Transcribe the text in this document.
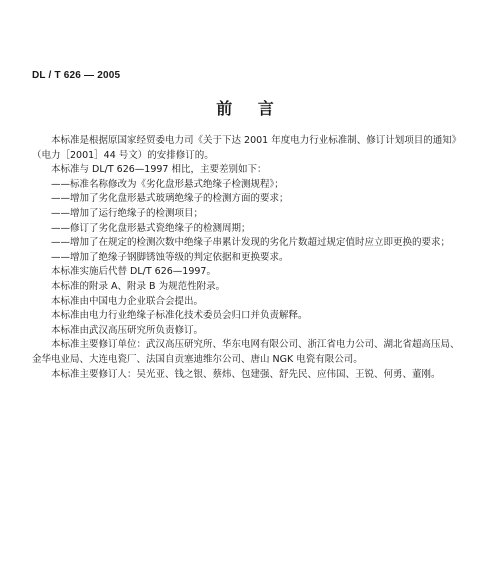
DL / T 626 — 2005
前 言

本标准是根据原国家经贸委电力司《关于下达 2001 年度电力行业标准制、修订计划项目的通知》

（电力［2001］44 号文）的安排修订的。

本标准与 DL/T 626—1997 相比，主要差别如下：

——标准名称修改为《劣化盘形悬式绝缘子检测规程》；

——增加了劣化盘形悬式玻璃绝缘子的检测方面的要求；

——增加了运行绝缘子的检测项目；

——修订了劣化盘形悬式瓷绝缘子的检测周期；

——增加了在规定的检测次数中绝缘子串累计发现的劣化片数超过规定值时应立即更换的要求；

——增加了绝缘子钢脚锈蚀等级的判定依据和更换要求。

本标准实施后代替 DL/T 626—1997。

本标准的附录 A、附录 B 为规范性附录。

本标准由中国电力企业联合会提出。

本标准由电力行业绝缘子标准化技术委员会归口并负责解释。

本标准由武汉高压研究所负责修订。

本标准主要修订单位：武汉高压研究所、华东电网有限公司、浙江省电力公司、湖北省超高压局、

金华电业局、大连电瓷厂、法国自贡塞迪维尔公司、唐山 NGK 电瓷有限公司。

本标准主要修订人：吴光亚、钱之银、蔡炜、包建强、舒先民、应伟国、王锐、何勇、董刚。
